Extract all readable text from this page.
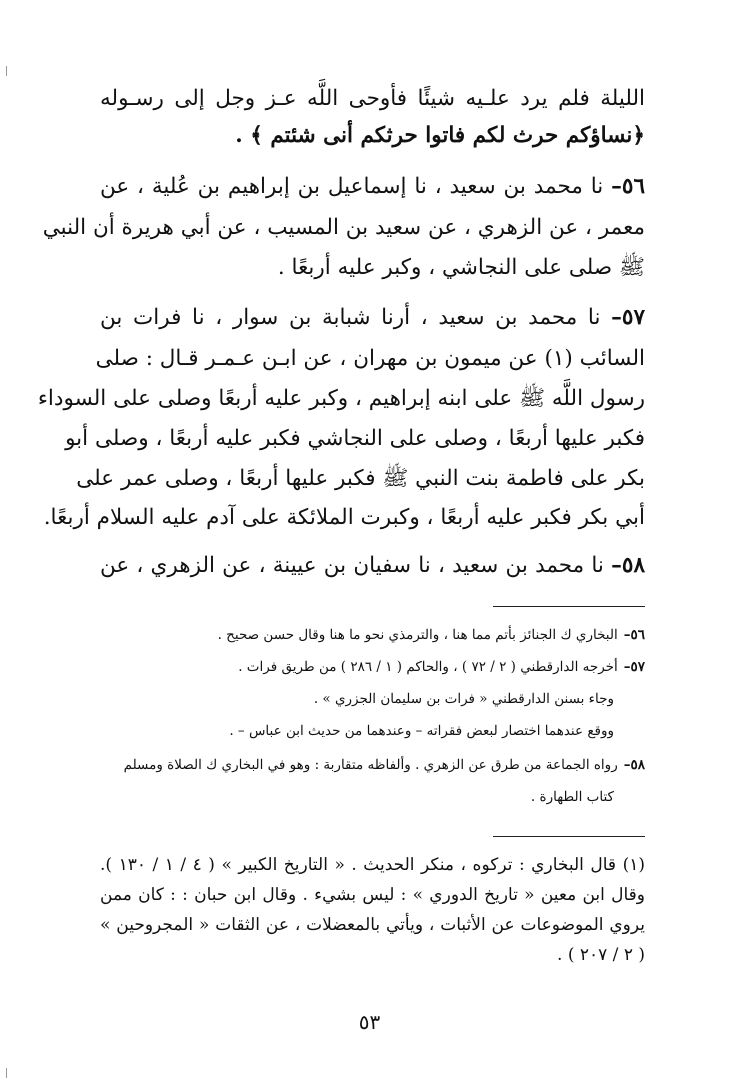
الليلة فلم يرد علـيه شيئًا فأوحى اللَّه عـز وجل إلى رسـوله
﴿نساؤكم حرث لكم فاتوا حرثكم أنى شئتم ﴾ .
٥٦– نا محمد بن سعيد ، نا إسماعيل بن إبراهيم بن عُلية ، عن
معمر ، عن الزهري ، عن سعيد بن المسيب ، عن أبي هريرة أن النبي
ﷺ صلى على النجاشي ، وكبر عليه أربعًا .
٥٧– نا محمد بن سعيد ، أرنا شبابة بن سوار ، نا فرات بن
السائب (١) عن ميمون بن مهران ، عن ابـن عـمـر قـال : صلى
رسول اللَّه ﷺ على ابنه إبراهيم ، وكبر عليه أربعًا وصلى على السوداء
فكبر عليها أربعًا ، وصلى على النجاشي فكبر عليه أربعًا ، وصلى أبو
بكر على فاطمة بنت النبي ﷺ فكبر عليها أربعًا ، وصلى عمر على
أبي بكر فكبر عليه أربعًا ، وكبرت الملائكة على آدم عليه السلام أربعًا.
٥٨– نا محمد بن سعيد ، نا سفيان بن عيينة ، عن الزهري ، عن
٥٦–البخاري ك الجنائز بأتم مما هنا ، والترمذي نحو ما هنا وقال حسن صحيح .
٥٧–أخرجه الدارقطني ( ٢ / ٧٢ ) ، والحاكم ( ١ / ٢٨٦ ) من طريق فرات .
وجاء بسنن الدارقطني « فرات بن سليمان الجزري » .
ووقع عندهما اختصار لبعض فقراته – وعندهما من حديث ابن عباس – .
٥٨–رواه الجماعة من طرق عن الزهري . وألفاظه متقاربة : وهو في البخاري ك الصلاة ومسلم
كتاب الطهارة .
(١) قال البخاري : تركوه ، منكر الحديث . « التاريخ الكبير » ( ٤ / ١ / ١٣٠ ).
وقال ابن معين « تاريخ الدوري » : ليس بشيء . وقال ابن حبان : : كان ممن
يروي الموضوعات عن الأثبات ، ويأتي بالمعضلات ، عن الثقات « المجروحين »
( ٢ / ٢٠٧ ) .
٥٣
